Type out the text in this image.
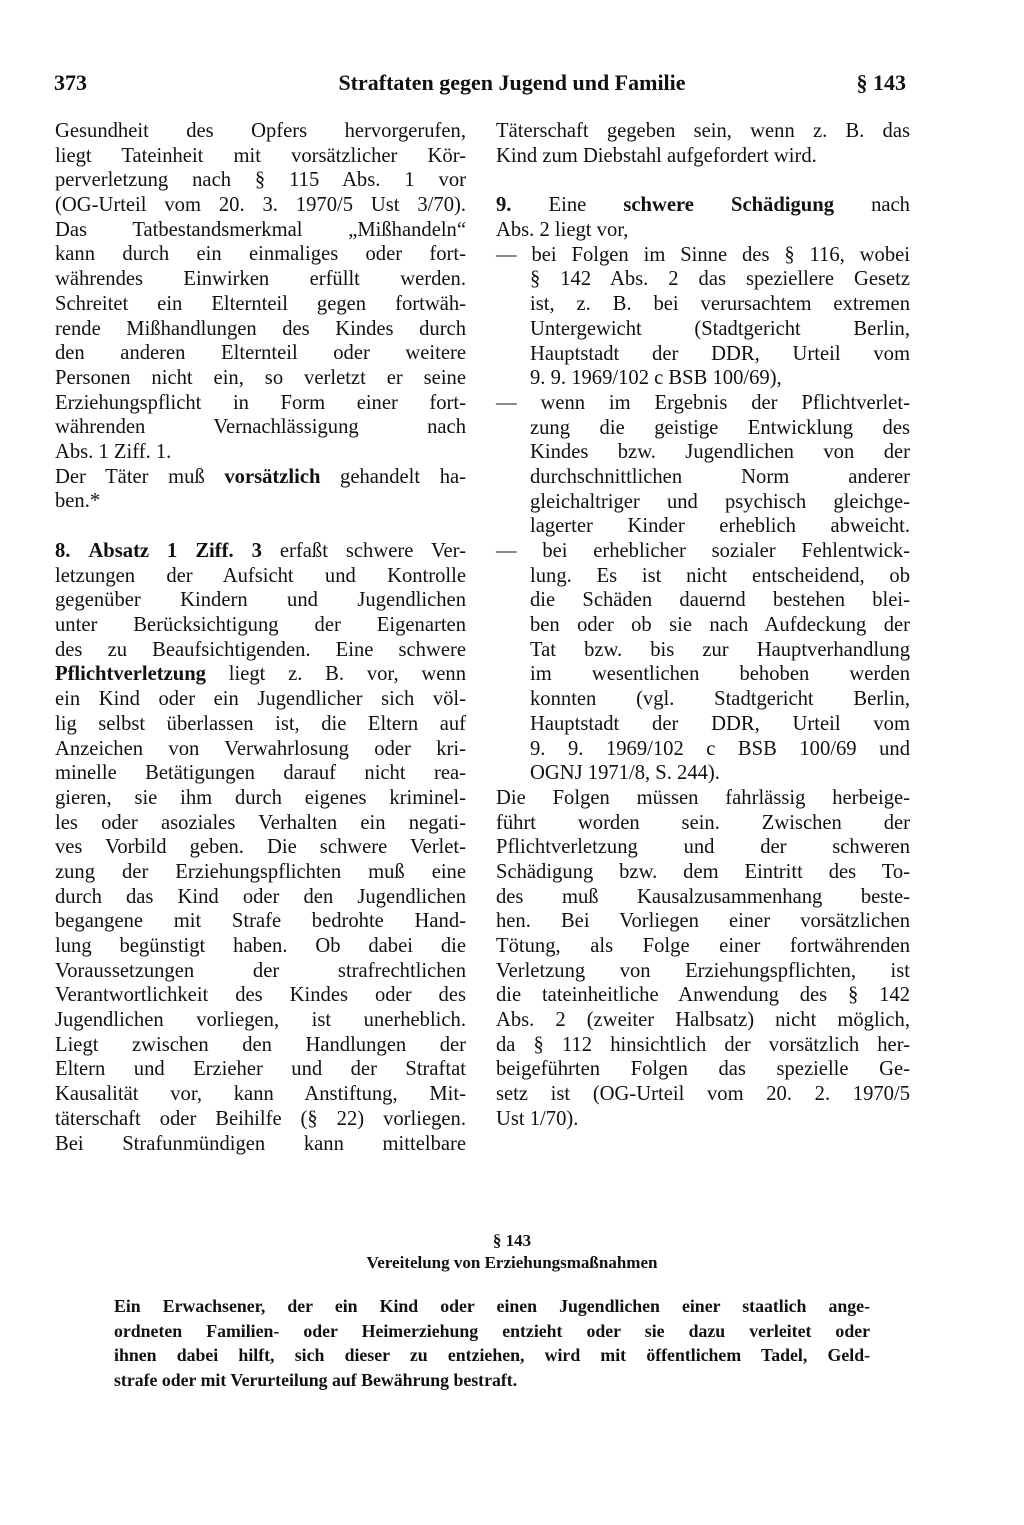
373	Straftaten gegen Jugend und Familie	§ 143
Gesundheit des Opfers hervorgerufen,
liegt Tateinheit mit vorsätzlicher Kör-
perverletzung nach § 115 Abs. 1 vor
(OG-Urteil vom 20. 3. 1970/5 Ust 3/70).
Das Tatbestandsmerkmal „Mißhandeln“
kann durch ein einmaliges oder fort-
währendes Einwirken erfüllt werden.
Schreitet ein Elternteil gegen fortwäh-
rende Mißhandlungen des Kindes durch
den anderen Elternteil oder weitere
Personen nicht ein, so verletzt er seine
Erziehungspflicht in Form einer fort-
währenden Vernachlässigung nach
Abs. 1 Ziff. 1.
Der Täter muß vorsätzlich gehandelt ha-
ben.*
8. Absatz 1 Ziff. 3 erfaßt schwere Ver-
letzungen der Aufsicht und Kontrolle
gegenüber Kindern und Jugendlichen
unter Berücksichtigung der Eigenarten
des zu Beaufsichtigenden. Eine schwere
Pflichtverletzung liegt z. B. vor, wenn
ein Kind oder ein Jugendlicher sich völ-
lig selbst überlassen ist, die Eltern auf
Anzeichen von Verwahrlosung oder kri-
minelle Betätigungen darauf nicht rea-
gieren, sie ihm durch eigenes kriminel-
les oder asoziales Verhalten ein negati-
ves Vorbild geben. Die schwere Verlet-
zung der Erziehungspflichten muß eine
durch das Kind oder den Jugendlichen
begangene mit Strafe bedrohte Hand-
lung begünstigt haben. Ob dabei die
Voraussetzungen der strafrechtlichen
Verantwortlichkeit des Kindes oder des
Jugendlichen vorliegen, ist unerheblich.
Liegt zwischen den Handlungen der
Eltern und Erzieher und der Straftat
Kausalität vor, kann Anstiftung, Mit-
täterschaft oder Beihilfe (§ 22) vorliegen.
Bei Strafunmündigen kann mittelbare
Täterschaft gegeben sein, wenn z. B. das
Kind zum Diebstahl aufgefordert wird.
9. Eine schwere Schädigung nach
Abs. 2 liegt vor,
— bei Folgen im Sinne des § 116, wobei
§ 142 Abs. 2 das speziellere Gesetz
ist, z. B. bei verursachtem extremen
Untergewicht (Stadtgericht Berlin,
Hauptstadt der DDR, Urteil vom
9. 9. 1969/102 c BSB 100/69),
— wenn im Ergebnis der Pflichtverlet-
zung die geistige Entwicklung des
Kindes bzw. Jugendlichen von der
durchschnittlichen Norm anderer
gleichaltriger und psychisch gleichge-
lagerter Kinder erheblich abweicht.
— bei erheblicher sozialer Fehlentwick-
lung. Es ist nicht entscheidend, ob
die Schäden dauernd bestehen blei-
ben oder ob sie nach Aufdeckung der
Tat bzw. bis zur Hauptverhandlung
im wesentlichen behoben werden
konnten (vgl. Stadtgericht Berlin,
Hauptstadt der DDR, Urteil vom
9. 9. 1969/102 c BSB 100/69 und
OGNJ 1971/8, S. 244).
Die Folgen müssen fahrlässig herbeige-
führt worden sein. Zwischen der
Pflichtverletzung und der schweren
Schädigung bzw. dem Eintritt des To-
des muß Kausalzusammenhang beste-
hen. Bei Vorliegen einer vorsätzlichen
Tötung, als Folge einer fortwährenden
Verletzung von Erziehungspflichten, ist
die tateinheitliche Anwendung des § 142
Abs. 2 (zweiter Halbsatz) nicht möglich,
da § 112 hinsichtlich der vorsätzlich her-
beigeführten Folgen das spezielle Ge-
setz ist (OG-Urteil vom 20. 2. 1970/5
Ust 1/70).
§ 143
Vereitelung von Erziehungsmaßnahmen
Ein Erwachsener, der ein Kind oder einen Jugendlichen einer staatlich ange-
ordneten Familien- oder Heimerziehung entzieht oder sie dazu verleitet oder
ihnen dabei hilft, sich dieser zu entziehen, wird mit öffentlichem Tadel, Geld-
strafe oder mit Verurteilung auf Bewährung bestraft.
